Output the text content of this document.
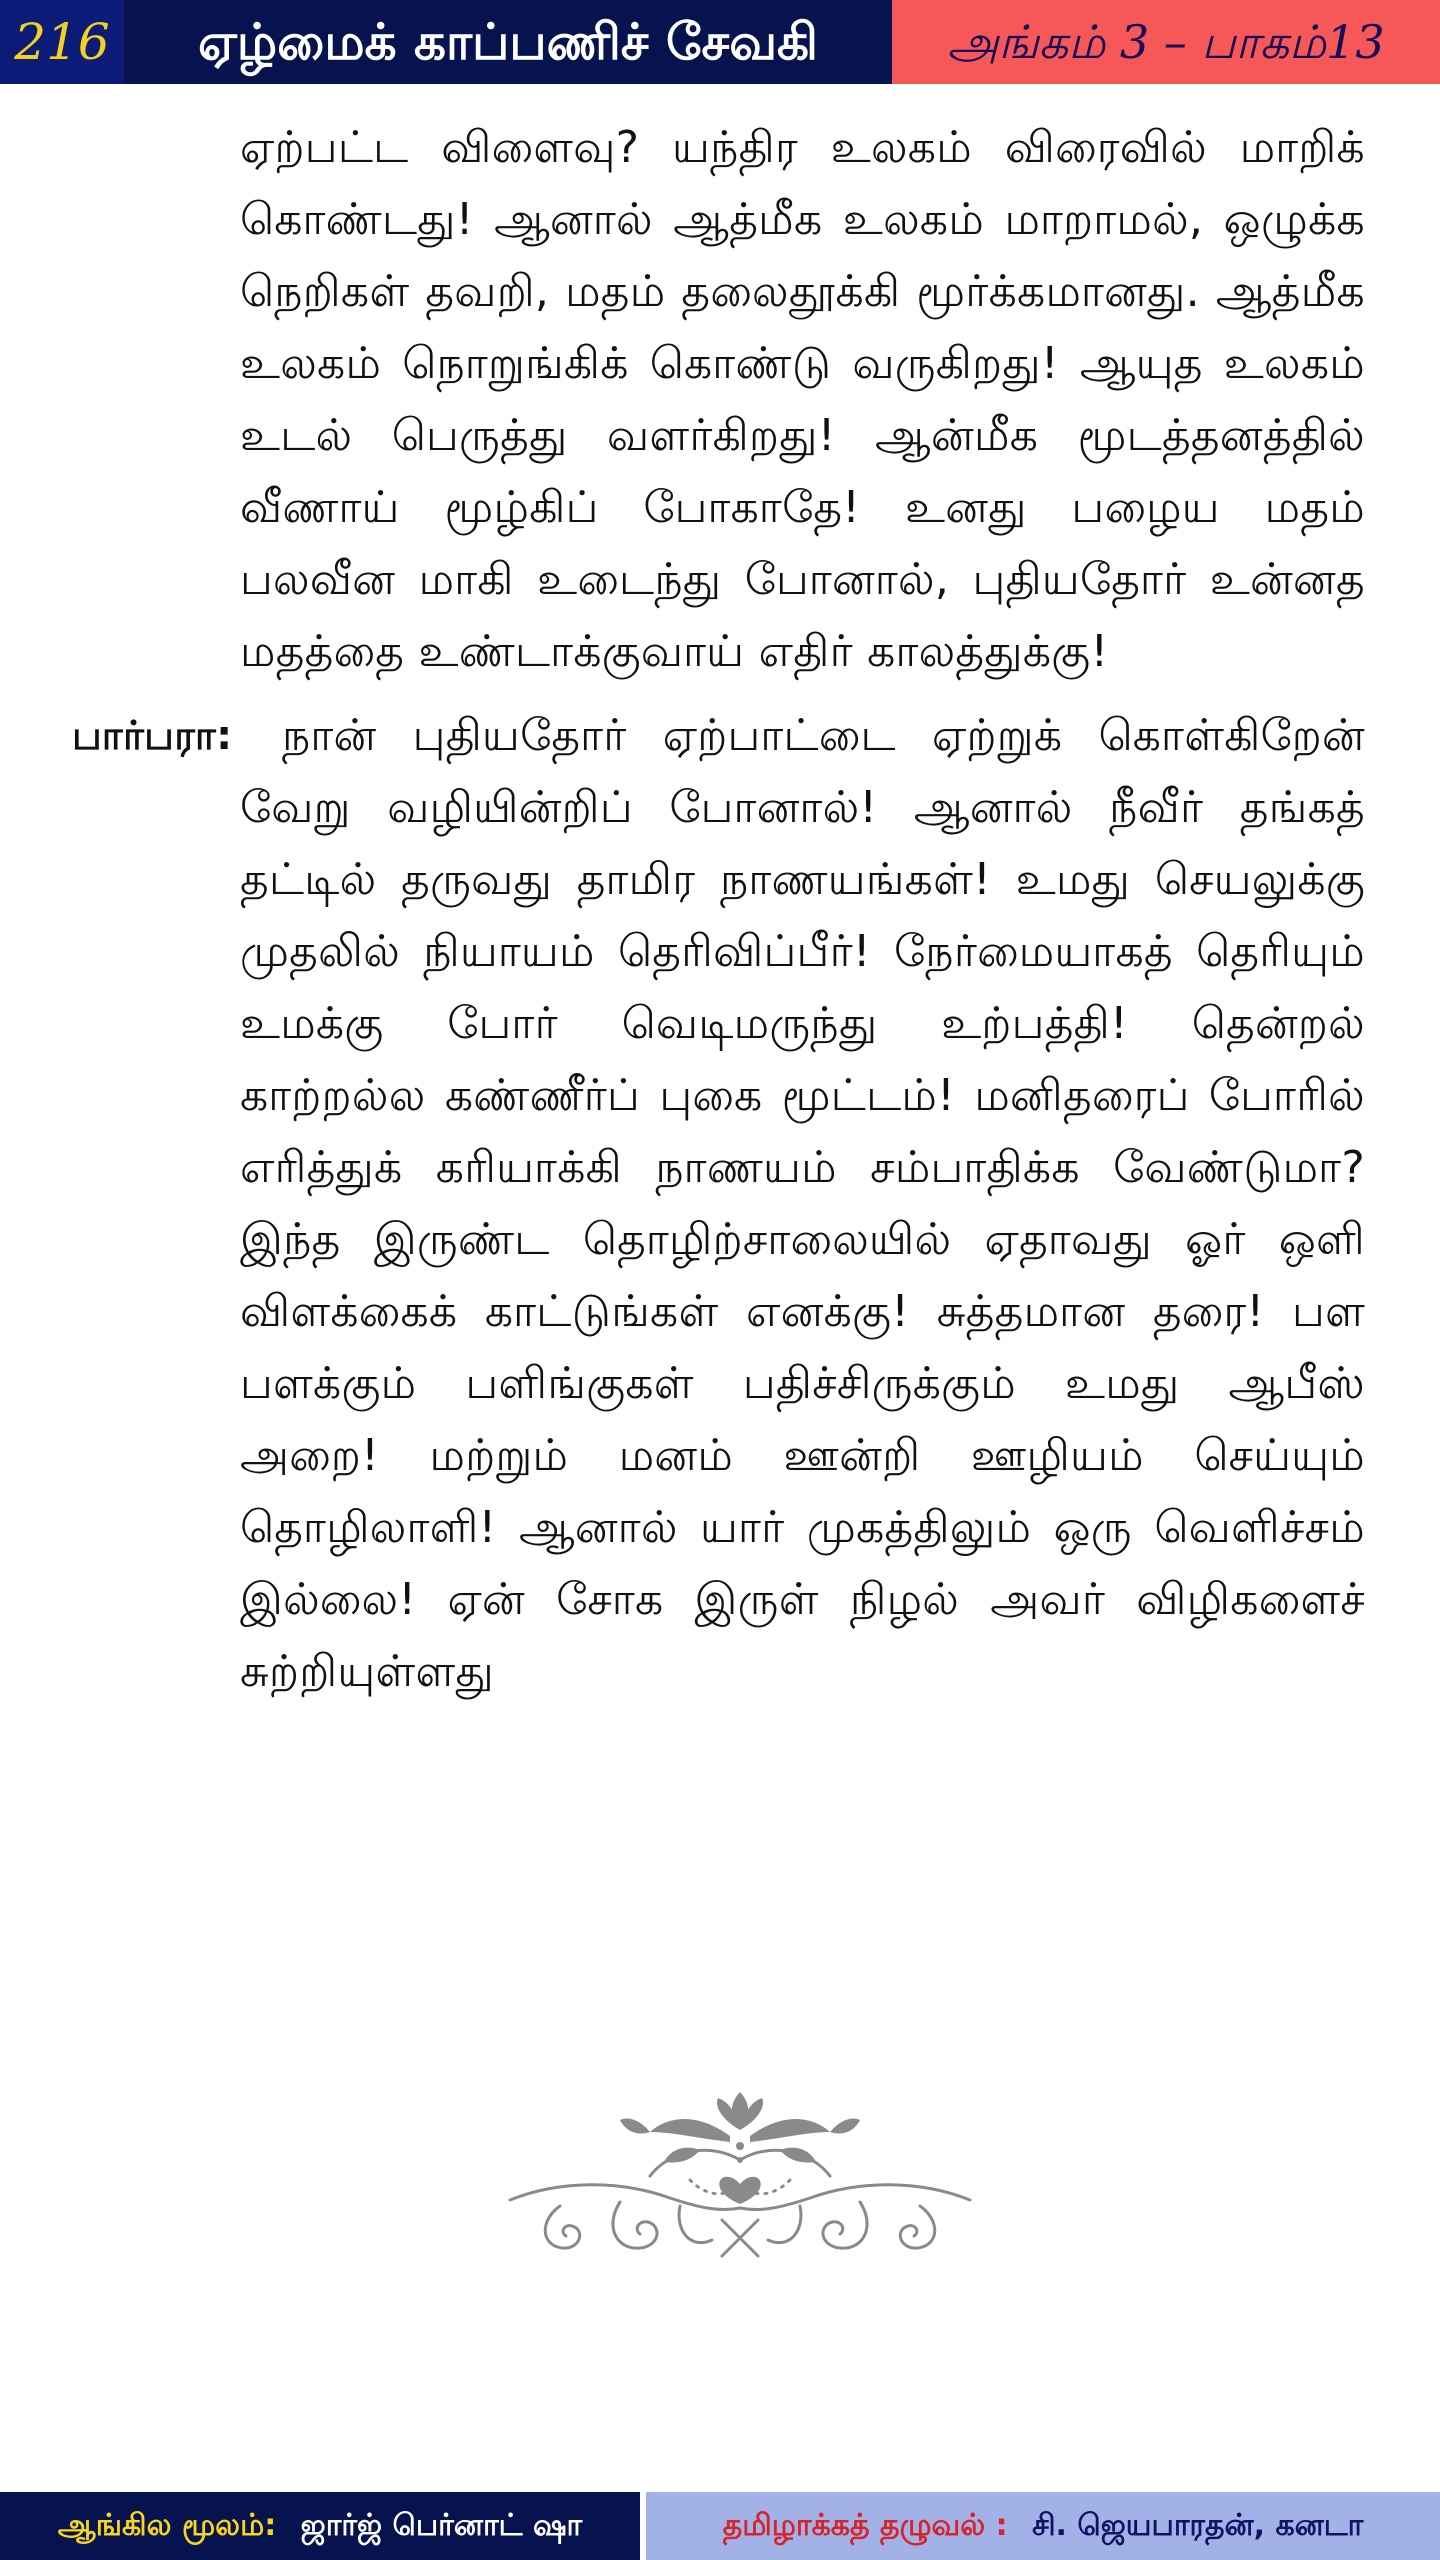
216	ஏழ்மைக் காப்பணிச் சேவகி	அங்கம் 3 – பாகம்13
ஏற்பட்ட விளைவு? யந்திர உலகம் விரைவில் மாறிக் கொண்டது! ஆனால் ஆத்மீக உலகம் மாறாமல், ஒழுக்க நெறிகள் தவறி, மதம் தலைதூக்கி மூர்க்கமானது. ஆத்மீக உலகம் நொறுங்கிக் கொண்டு வருகிறது! ஆயுத உலகம் உடல் பெருத்து வளர்கிறது! ஆன்மீக மூடத்தனத்தில் வீணாய் மூழ்கிப் போகாதே! உனது பழைய மதம் பலவீன மாகி உடைந்து போனால், புதியதோர் உன்னத மதத்தை உண்டாக்குவாய் எதிர் காலத்துக்கு!
பார்பரா:	நான் புதியதோர் ஏற்பாட்டை ஏற்றுக் கொள்கிறேன் வேறு வழியின்றிப் போனால்! ஆனால் நீவீர் தங்கத் தட்டில் தருவது தாமிர நாணயங்கள்! உமது செயலுக்கு முதலில் நியாயம் தெரிவிப்பீர்! நேர்மையாகத் தெரியும் உமக்கு போர் வெடிமருந்து உற்பத்தி! தென்றல் காற்றல்ல கண்ணீர்ப் புகை மூட்டம்! மனிதரைப் போரில் எரித்துக் கரியாக்கி நாணயம் சம்பாதிக்க வேண்டுமா? இந்த இருண்ட தொழிற்சாலையில் ஏதாவது ஓர் ஒளி விளக்கைக் காட்டுங்கள் எனக்கு! சுத்தமான தரை! பள பளக்கும் பளிங்குகள் பதிச்சிருக்கும் உமது ஆபீஸ் அறை! மற்றும் மனம் ஊன்றி ஊழியம் செய்யும் தொழிலாளி! ஆனால் யார் முகத்திலும் ஒரு வெளிச்சம் இல்லை! ஏன் சோக இருள் நிழல் அவர் விழிகளைச் சுற்றியுள்ளது
ஆங்கில மூலம்: ஜார்ஜ் பெர்னாட் ஷா	தமிழாக்கத் தழுவல் : சி. ஜெயபாரதன், கனடா
